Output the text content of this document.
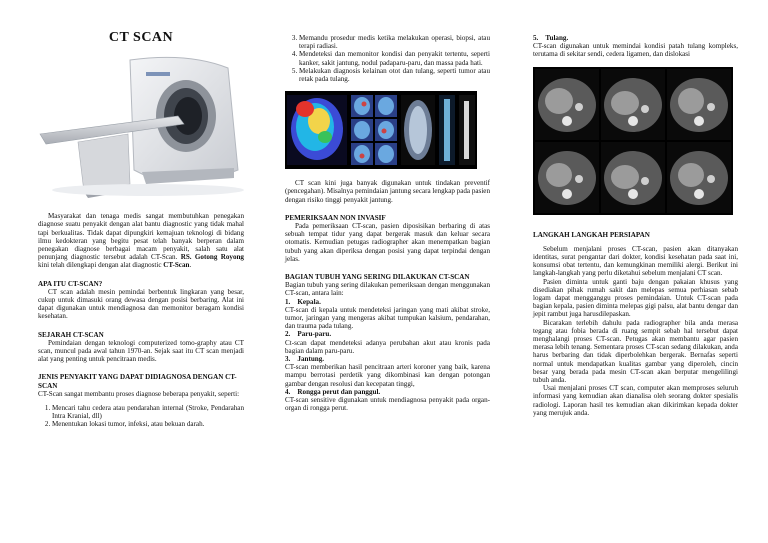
CT SCAN

Masyarakat dan tenaga medis sangat membutuhkan penegakan diagnose suatu penyakit dengan alat bantu diagnostic yang tidak mahal tapi berkualitas. Tidak dapat dipungkiri kemajuan teknologi di bidang ilmu kedokteran yang begitu pesat telah banyak berperan dalam penegakan diagnose berbagai macam penyakit, salah satu alat penunjang diagnostic tersebut adalah CT-Scan. RS. Gotong Royong kini telah dilengkapi dengan alat diagnostic CT-Scan.

APA ITU CT-SCAN?

CT scan adalah mesin pemindai berbentuk lingkaran yang besar, cukup untuk dimasuki orang dewasa dengan posisi berbaring. Alat ini dapat digunakan untuk mendiagnosa dan memonitor beragam kondisi kesehatan.

SEJARAH CT-SCAN

Pemindaian dengan teknologi computerized tomo-graphy atau CT scan, muncul pada awal tahun 1970-an. Sejak saat itu CT scan menjadi alat yang penting untuk pencitraan medis.

JENIS PENYAKIT YANG DAPAT DIDIAGNOSA DENGAN CT-SCAN

CT-Scan sangat membantu proses diagnose beberapa penyakit, seperti:

1. Mencari tahu cedera atau pendarahan internal (Stroke, Pendarahan Intra Kranial, dll)
2. Menentukan lokasi tumor, infeksi, atau bekuan darah.
3. Memandu prosedur medis ketika melakukan operasi, biopsi, atau terapi radiasi.
4. Mendeteksi dan memonitor kondisi dan penyakit tertentu, seperti kanker, sakit jantung, nodul padaparu-paru, dan massa pada hati.
5. Melakukan diagnosis kelainan otot dan tulang, seperti tumor atau retak pada tulang.

CT scan kini juga banyak digunakan untuk tindakan preventif (pencegahan). Misalnya pemindaian jantung secara lengkap pada pasien dengan risiko tinggi penyakit jantung.

PEMERIKSAAN NON INVASIF

Pada pemeriksaan CT-scan, pasien diposisikan berbaring di atas sebuah tempat tidur yang dapat bergerak masuk dan keluar secara otomatis. Kemudian petugas radiographer akan menempatkan bagian tubuh yang akan diperiksa dengan posisi yang dapat terpindai dengan jelas.

BAGIAN TUBUH YANG SERING DILAKUKAN CT-SCAN

Bagian tubuh yang sering dilakukan pemeriksaan dengan menggunakan CT-scan, antara lain:

1.    Kepala.

CT-scan di kepala untuk mendeteksi jaringan yang mati akibat stroke, tumor, jaringan yang mengeras akibat tumpukan kalsium, pendarahan, dan trauma pada tulang.

2.    Paru-paru.

Ct-scan dapat mendeteksi adanya perubahan akut atau kronis pada bagian dalam paru-paru.

3.    Jantung.

CT-scan memberikan hasil pencitraan arteri koroner yang baik, karena mampu berrotasi perdetik yang dikombinasi kan dengan potongan gambar dengan resolusi dan kecepatan tinggi,

4.    Rongga perut dan panggul.

CT-scan sensitive digunakan untuk mendiagnosa penyakit pada organ-organ di rongga perut.

5.    Tulang.

CT-scan digunakan untuk memindai kondisi patah tulang kompleks, terutama di sekitar sendi, cedera ligamen, dan dislokasi

LANGKAH LANGKAH PERSIAPAN

Sebelum menjalani proses CT-scan, pasien akan ditanyakan identitas, surat pengantar dari dokter, kondisi kesehatan pada saat ini, konsumsi obat tertentu, dan kemungkinan memiliki alergi. Berikut ini langkah-langkah yang perlu diketahui sebelum menjalani CT scan.

Pasien diminta untuk ganti baju dengan pakaian khusus yang disediakan pihak rumah sakit dan melepas semua perhiasan sebab logam dapat mengganggu proses pemindaian. Untuk CT-scan pada bagian kepala, pasien diminta melepas gigi palsu, alat bantu dengar dan jepit rambut juga harusdilepaskan.

Bicarakan terlebih dahulu pada radiographer bila anda merasa tegang atau fobia berada di ruang sempit sebab hal tersebut dapat menghalangi proses CT-scan. Petugas akan membantu agar pasien merasa lebih tenang. Sementara proses CT-scan sedang dilakukan, anda harus berbaring dan tidak diperbolehkan bergerak. Bernafas seperti normal untuk mendapatkan kualitas gambar yang diperoleh, cincin besar yang berada pada mesin CT-scan akan berputar mengelilingi tubuh anda.

Usai menjalani proses CT scan, computer akan memproses seluruh informasi yang kemudian akan dianalisa oleh seorang dokter spesialis radiologi. Laporan hasil tes kemudian akan dikirimkan kepada dokter yang merujuk anda.
